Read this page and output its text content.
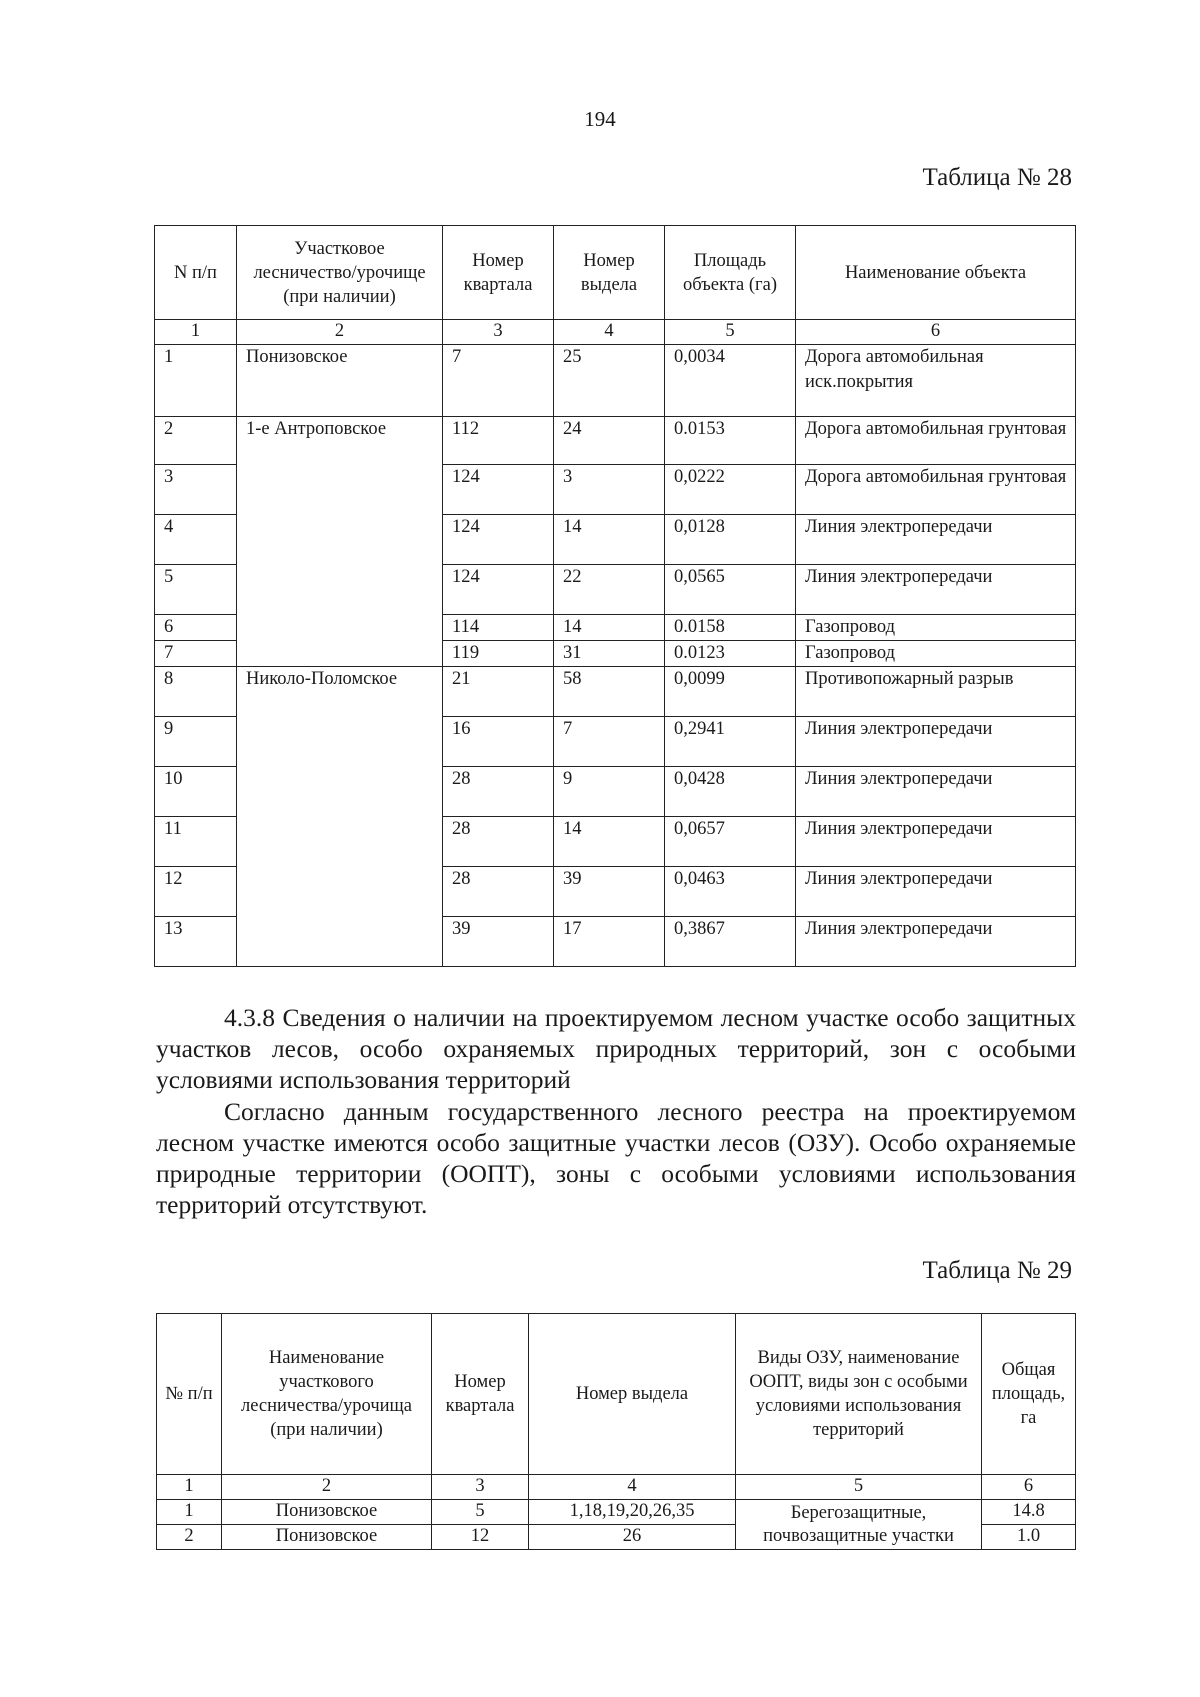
194
Таблица № 28
N п/п	Участковое лесничество/урочище (при наличии)	Номер квартала	Номер выдела	Площадь объекта (га)	Наименование объекта
1	2	3	4	5	6
1	Понизовское	7	25	0,0034	Дорога автомобильная иск.покрытия
2	1-е Антроповское	112	24	0.0153	Дорога автомобильная грунтовая
3		124	3	0,0222	Дорога автомобильная грунтовая
4		124	14	0,0128	Линия электропередачи
5		124	22	0,0565	Линия электропередачи
6		114	14	0.0158	Газопровод
7		119	31	0.0123	Газопровод
8	Николо-Поломское	21	58	0,0099	Противопожарный разрыв
9		16	7	0,2941	Линия электропередачи
10		28	9	0,0428	Линия электропередачи
11		28	14	0,0657	Линия электропередачи
12		28	39	0,0463	Линия электропередачи
13		39	17	0,3867	Линия электропередачи
4.3.8 Сведения о наличии на проектируемом лесном участке особо защитных участков лесов, особо охраняемых природных территорий, зон с особыми условиями использования территорий
Согласно данным государственного лесного реестра на проектируемом лесном участке имеются особо защитные участки лесов (ОЗУ). Особо охраняемые природные территории (ООПТ), зоны с особыми условиями использования территорий отсутствуют.
Таблица № 29
№ п/п	Наименование участкового лесничества/урочища (при наличии)	Номер квартала	Номер выдела	Виды ОЗУ, наименование ООПТ, виды зон с особыми условиями использования территорий	Общая площадь, га
1	2	3	4	5	6
1	Понизовское	5	1,18,19,20,26,35	Берегозащитные, почвозащитные участки	14.8
2	Понизовское	12	26		1.0
